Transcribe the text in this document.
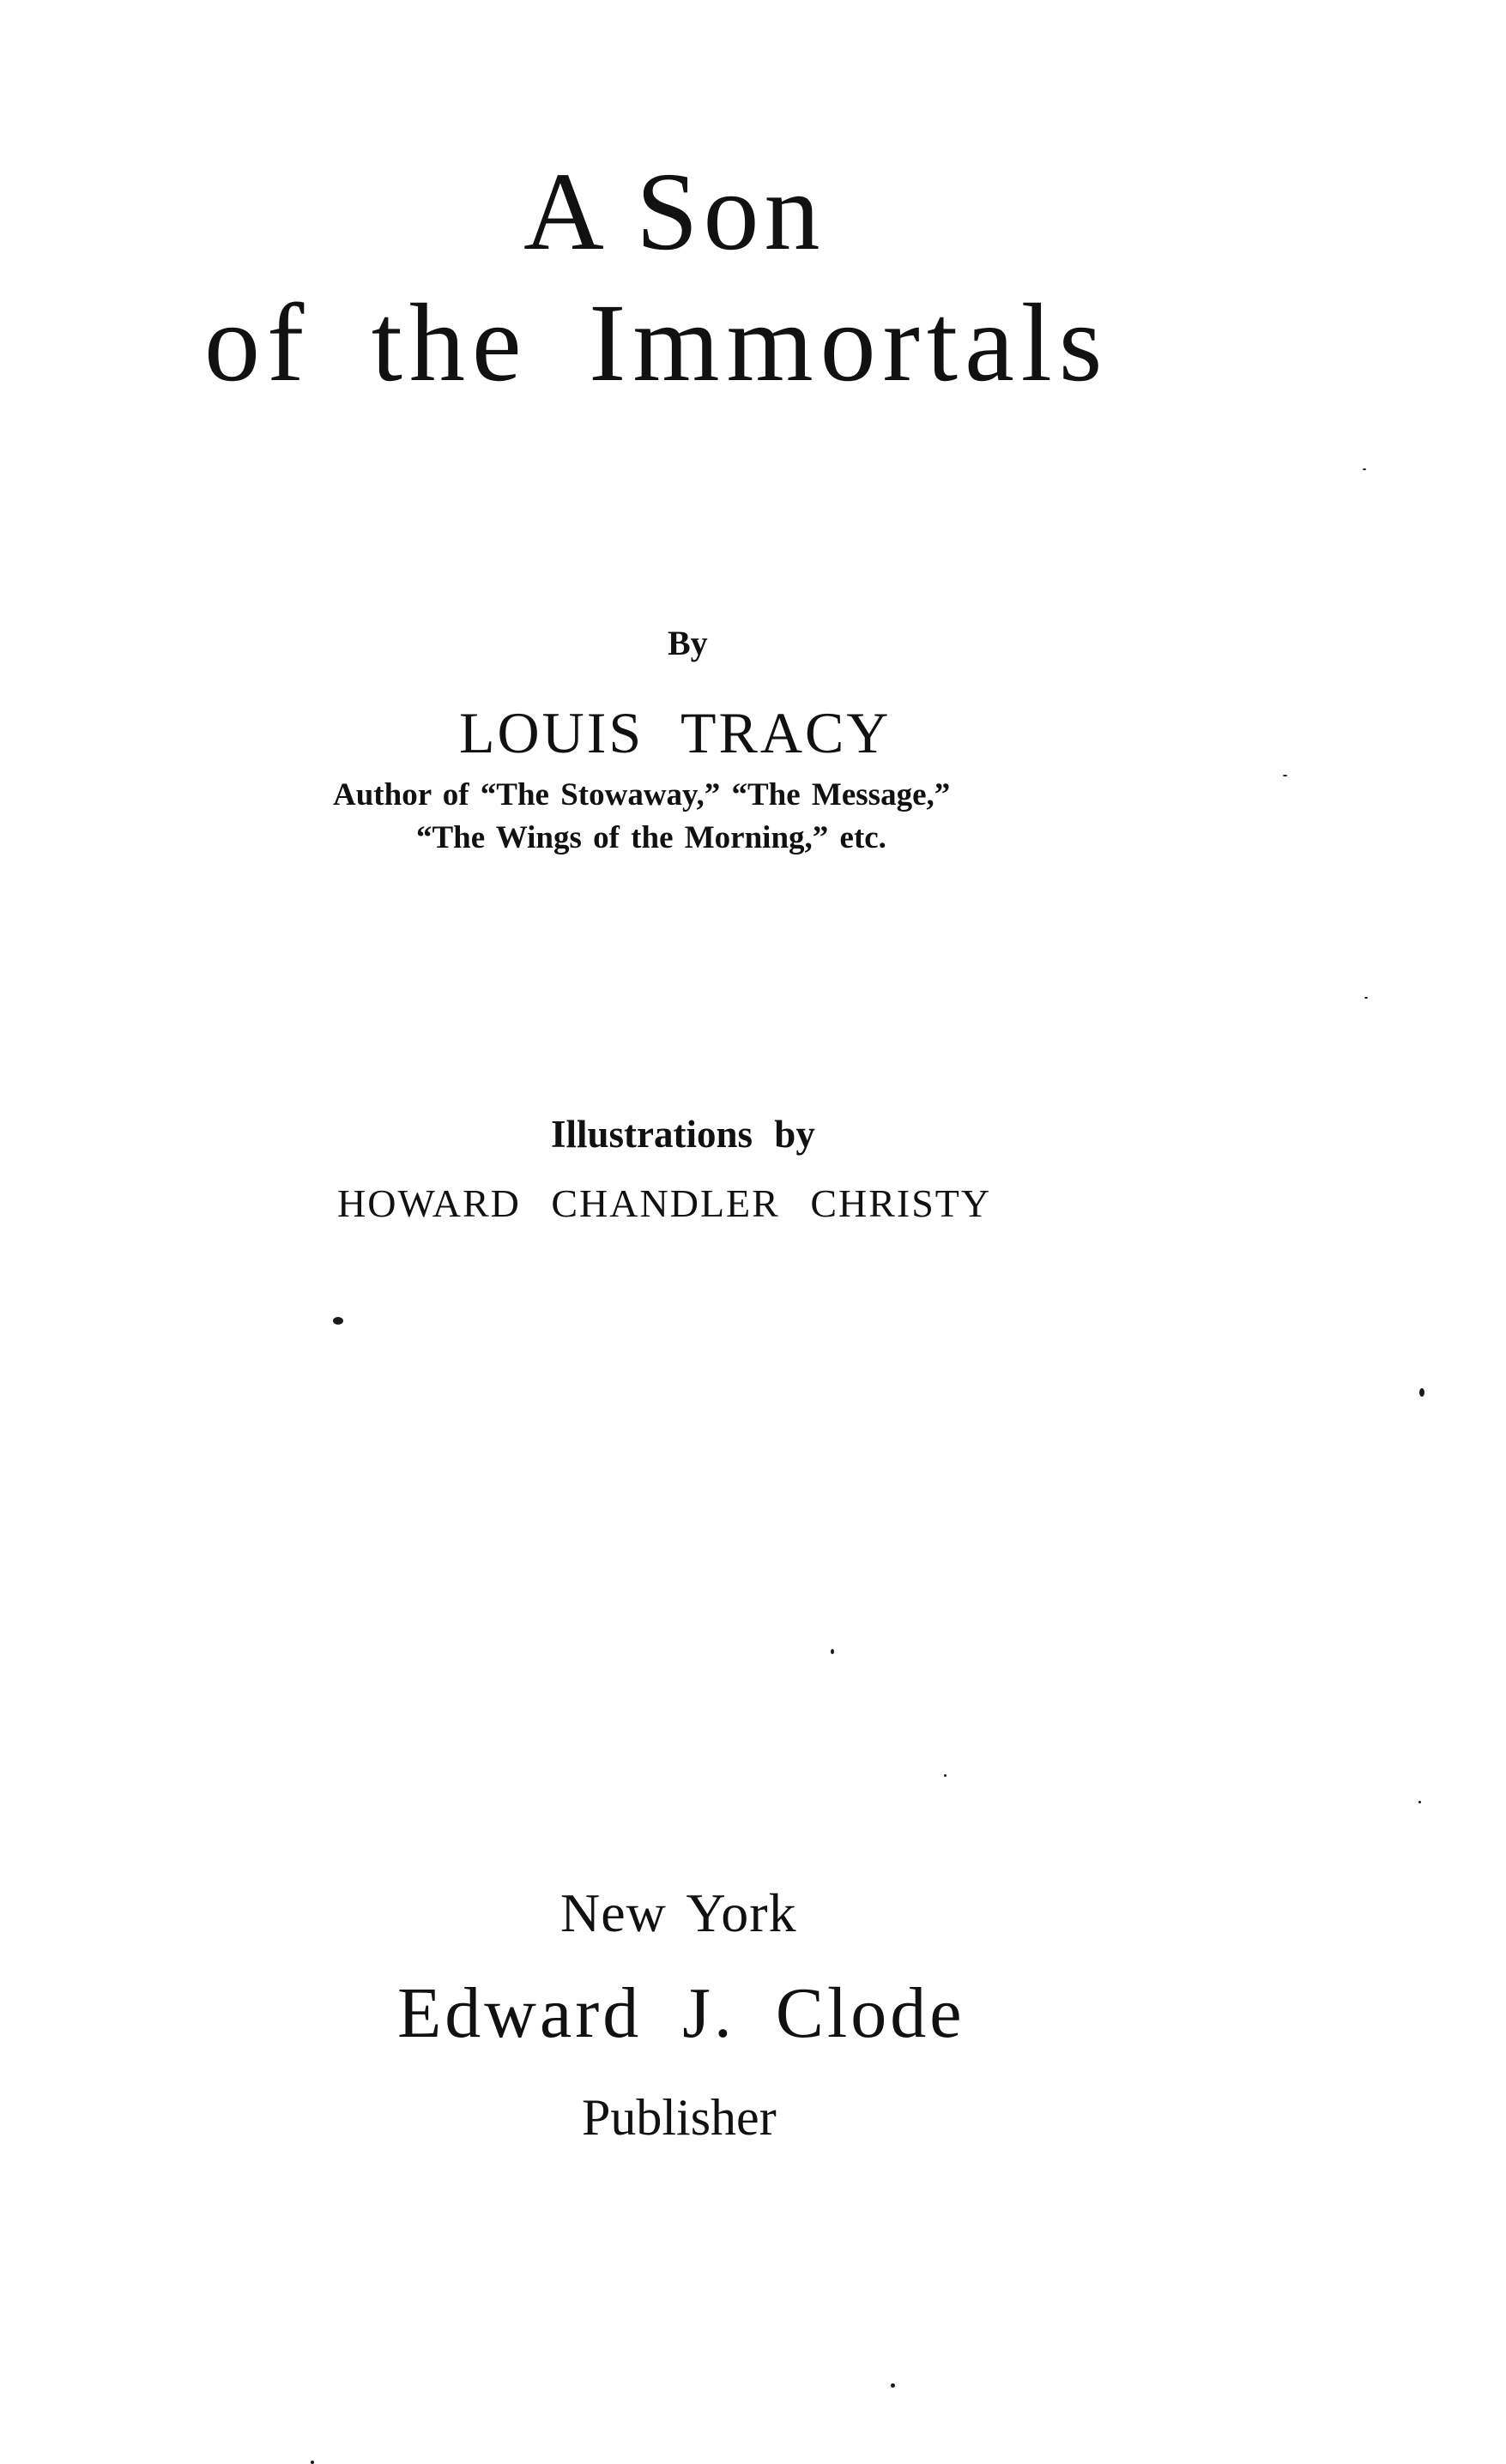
A Son
of the Immortals
By
LOUIS TRACY
Author of “The Stowaway,” “The Message,”
“The Wings of the Morning,” etc.
Illustrations by
HOWARD CHANDLER CHRISTY
New York
Edward J. Clode
Publisher
